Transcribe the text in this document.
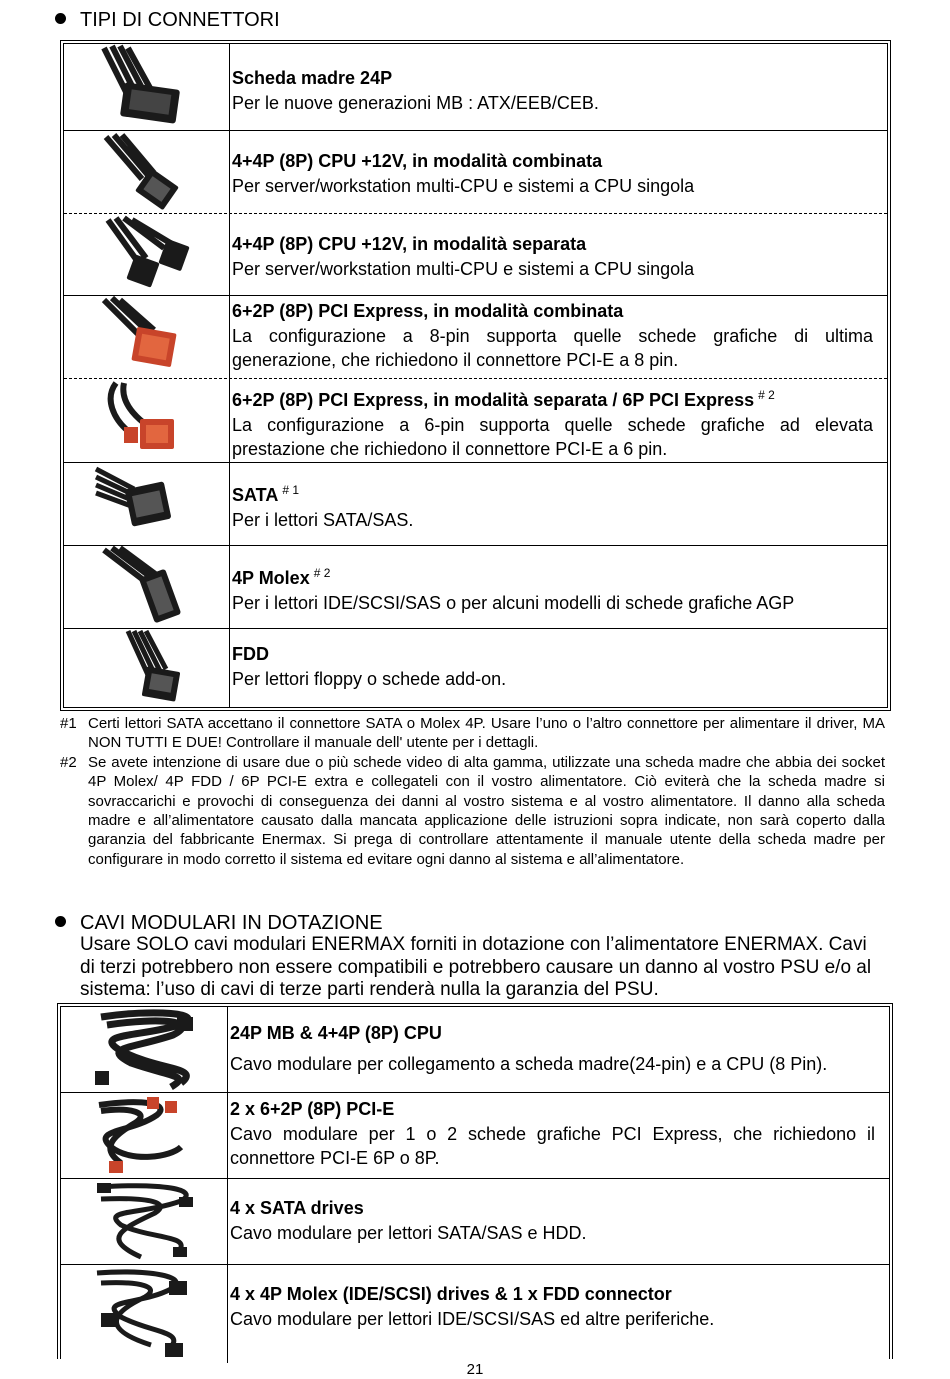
TIPI DI CONNETTORI
Scheda madre 24P
Per le nuove generazioni MB : ATX/EEB/CEB.
4+4P (8P) CPU +12V, in modalità combinata
Per server/workstation multi-CPU e sistemi a CPU singola
4+4P (8P) CPU +12V, in modalità separata
Per server/workstation multi-CPU e sistemi a CPU singola
6+2P (8P) PCI Express, in modalità combinata
La configurazione a 8-pin supporta quelle schede grafiche di ultima generazione, che richiedono il connettore PCI-E a 8 pin.
6+2P (8P) PCI Express, in modalità separata / 6P PCI Express $^{\# 2}$
La configurazione a 6-pin supporta quelle schede grafiche ad elevata prestazione che richiedono il connettore PCI-E a 6 pin.
SATA $^{\# 1}$
Per i lettori SATA/SAS.
4P Molex $^{\# 2}$
Per i lettori IDE/SCSI/SAS o per alcuni modelli di schede grafiche AGP
FDD
Per lettori floppy o schede add-on.
#1 Certi lettori SATA accettano il connettore SATA o Molex 4P. Usare l’uno o l’altro connettore per alimentare il driver, MA NON TUTTI E DUE! Controllare il manuale dell' utente per i dettagli.
#2 Se avete intenzione di usare due o più schede video di alta gamma, utilizzate una scheda madre che abbia dei socket 4P Molex/ 4P FDD / 6P PCI-E extra e collegateli con il vostro alimentatore. Ciò eviterà che la scheda madre si sovraccarichi e provochi di conseguenza dei danni al vostro sistema e al vostro alimentatore. Il danno alla scheda madre e all’alimentatore causato dalla mancata applicazione delle istruzioni sopra indicate, non sarà coperto dalla garanzia del fabbricante Enermax. Si prega di controllare attentamente il manuale utente della scheda madre per configurare in modo corretto il sistema ed evitare ogni danno al sistema e all’alimentatore.
CAVI MODULARI IN DOTAZIONE
Usare SOLO cavi modulari ENERMAX forniti in dotazione con l’alimentatore ENERMAX. Cavi di terzi potrebbero non essere compatibili e potrebbero causare un danno al vostro PSU e/o al sistema: l’uso di cavi di terze parti renderà nulla la garanzia del PSU.
24P MB & 4+4P (8P) CPU
Cavo modulare per collegamento a scheda madre(24-pin) e a CPU (8 Pin).
2 x 6+2P (8P) PCI-E
Cavo modulare per 1 o 2 schede grafiche PCI Express, che richiedono il connettore PCI-E 6P o 8P.
4 x SATA drives
Cavo modulare per lettori SATA/SAS e HDD.
4 x 4P Molex (IDE/SCSI) drives & 1 x FDD connector
Cavo modulare per lettori IDE/SCSI/SAS ed altre periferiche.
21
